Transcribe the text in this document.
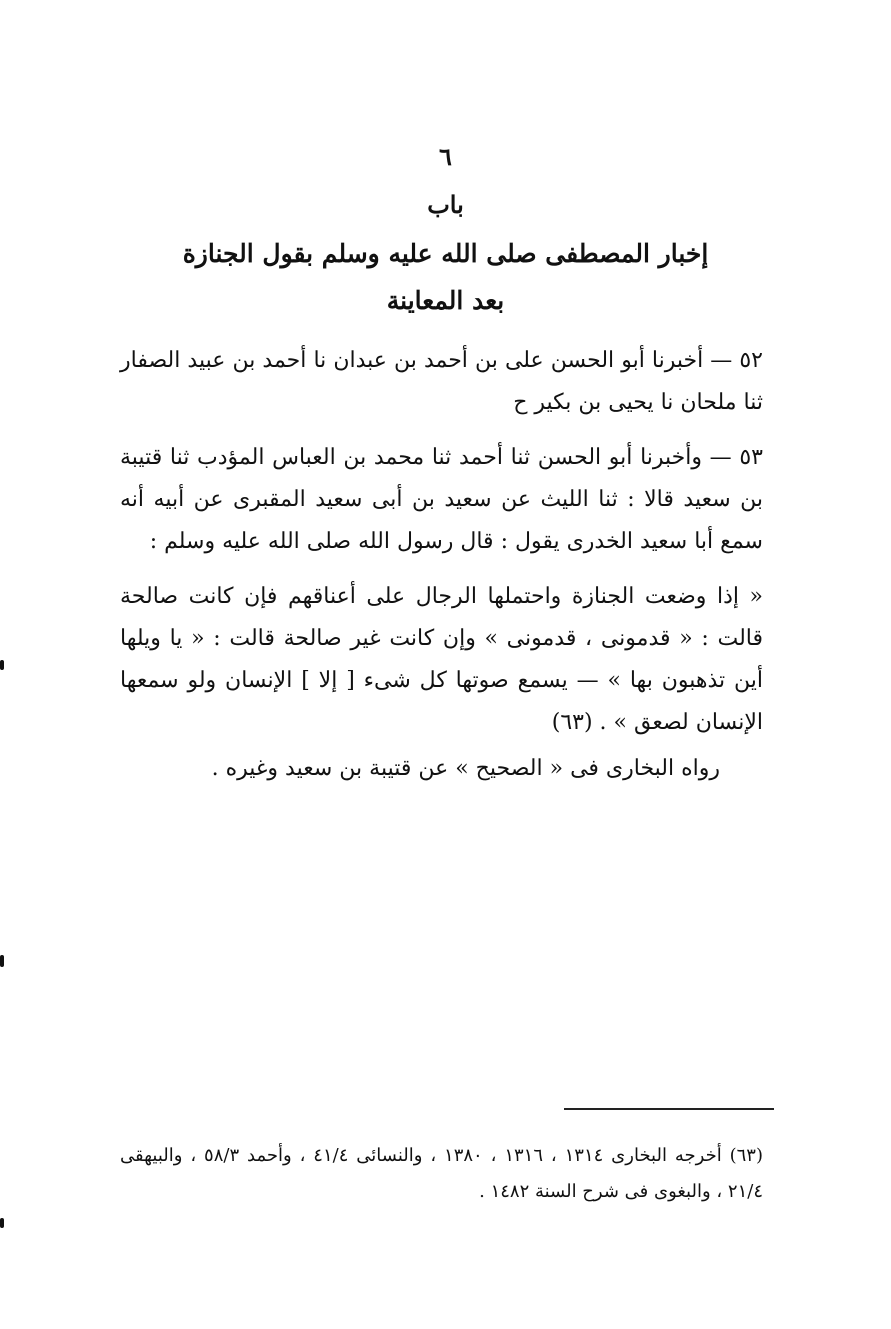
٦
باب
إخبار المصطفى صلى الله عليه وسلم بقول الجنازة
بعد المعاينة

٥٢ — أخبرنا أبو الحسن على بن أحمد بن عبدان نا أحمد بن عبيد الصفار ثنا ملحان نا يحيى بن بكير ح

٥٣ — وأخبرنا أبو الحسن ثنا أحمد ثنا محمد بن العباس المؤدب ثنا قتيبة بن سعيد قالا : ثنا الليث عن سعيد بن أبى سعيد المقبرى عن أبيه أنه سمع أبا سعيد الخدرى يقول : قال رسول الله صلى الله عليه وسلم :

« إذا وضعت الجنازة واحتملها الرجال على أعناقهم فإن كانت صالحة قالت : « قدمونى ، قدمونى » وإن كانت غير صالحة قالت : « يا ويلها أين تذهبون بها » — يسمع صوتها كل شىء [ إلا ] الإنسان ولو سمعها الإنسان لصعق » . (٦٣)

رواه البخارى فى « الصحيح » عن قتيبة بن سعيد وغيره .

(٦٣) أخرجه البخارى ١٣١٤ ، ١٣١٦ ، ١٣٨٠ ، والنسائى ٤١/٤ ، وأحمد ٥٨/٣ ، والبيهقى ٢١/٤ ، والبغوى فى شرح السنة ١٤٨٢ .
